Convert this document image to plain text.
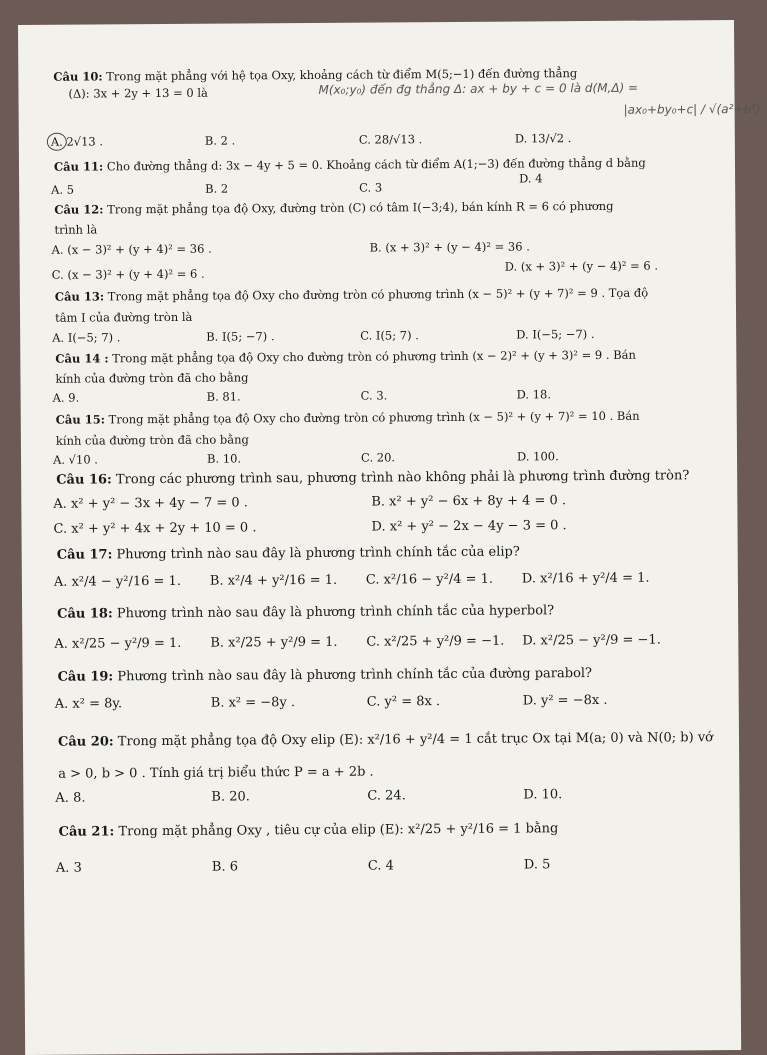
Câu 10: Trong mặt phẳng với hệ tọa Oxy, khoảng cách từ điểm M(5;−1) đến đường thẳng
(Δ): 3x + 2y + 13 = 0 là	M(x₀;y₀) đến đg thẳng Δ: ax + by + c = 0 là d(M,Δ) =
|ax₀+by₀+c| / √(a²+b²)
A. 2√13 .	B. 2 .	C. 28/√13 .	D. 13/√2 .
Câu 11: Cho đường thẳng d: 3x − 4y + 5 = 0. Khoảng cách từ điểm A(1;−3) đến đường thẳng d bằng
A. 5	B. 2	C. 3
D. 4
Câu 12: Trong mặt phẳng tọa độ Oxy, đường tròn (C) có tâm I(−3;4), bán kính R = 6 có phương
trình là
A. (x − 3)² + (y + 4)² = 36 .	B. (x + 3)² + (y − 4)² = 36 .
C. (x − 3)² + (y + 4)² = 6 .
D. (x + 3)² + (y − 4)² = 6 .
Câu 13: Trong mặt phẳng tọa độ Oxy cho đường tròn có phương trình (x − 5)² + (y + 7)² = 9 . Tọa độ
tâm I của đường tròn là
A. I(−5; 7) .	B. I(5; −7) .	C. I(5; 7) .	D. I(−5; −7) .
Câu 14 : Trong mặt phẳng tọa độ Oxy cho đường tròn có phương trình (x − 2)² + (y + 3)² = 9 . Bán
kính của đường tròn đã cho bằng
A. 9.	B. 81.	C. 3.	D. 18.
Câu 15: Trong mặt phẳng tọa độ Oxy cho đường tròn có phương trình (x − 5)² + (y + 7)² = 10 . Bán
kính của đường tròn đã cho bằng
A. √10 .	B. 10.	C. 20.	D. 100.
Câu 16: Trong các phương trình sau, phương trình nào không phải là phương trình đường tròn?
A. x² + y² − 3x + 4y − 7 = 0 .	B. x² + y² − 6x + 8y + 4 = 0 .
C. x² + y² + 4x + 2y + 10 = 0 .	D. x² + y² − 2x − 4y − 3 = 0 .
Câu 17: Phương trình nào sau đây là phương trình chính tắc của elip?
A. x²/4 − y²/16 = 1. B. x²/4 + y²/16 = 1. C. x²/16 − y²/4 = 1. D. x²/16 + y²/4 = 1.
Câu 18: Phương trình nào sau đây là phương trình chính tắc của hyperbol?
A. x²/25 − y²/9 = 1. B. x²/25 + y²/9 = 1. C. x²/25 + y²/9 = −1. D. x²/25 − y²/9 = −1.
Câu 19: Phương trình nào sau đây là phương trình chính tắc của đường parabol?
A. x² = 8y.	B. x² = −8y .	C. y² = 8x .	D. y² = −8x .
Câu 20: Trong mặt phẳng tọa độ Oxy elip (E): x²/16 + y²/4 = 1 cắt trục Ox tại M(a; 0) và N(0; b) vớ
a > 0, b > 0 . Tính giá trị biểu thức P = a + 2b .
A. 8.	B. 20.	C. 24.	D. 10.
Câu 21: Trong mặt phẳng Oxy , tiêu cự của elip (E): x²/25 + y²/16 = 1 bằng
A. 3	B. 6	C. 4	D. 5
